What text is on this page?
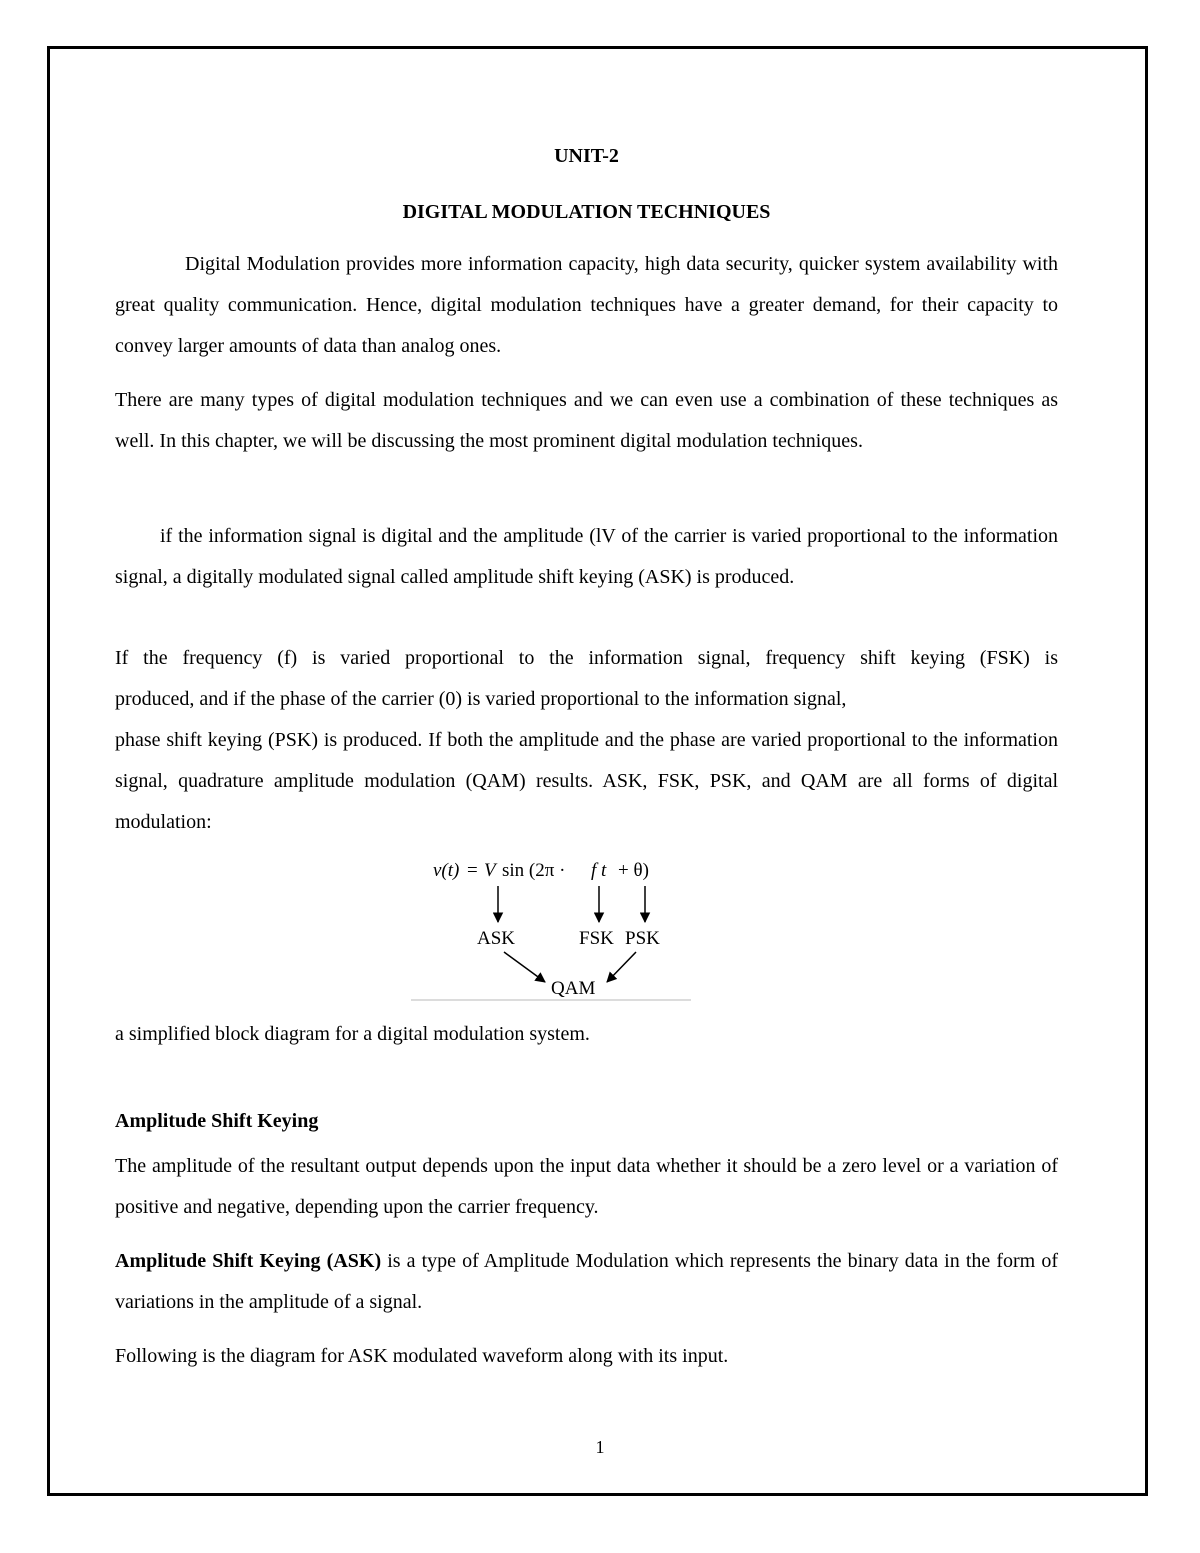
UNIT-2

DIGITAL MODULATION TECHNIQUES

Digital Modulation provides more information capacity, high data security, quicker system availability with great quality communication. Hence, digital modulation techniques have a greater demand, for their capacity to convey larger amounts of data than analog ones.

There are many types of digital modulation techniques and we can even use a combination of these techniques as well. In this chapter, we will be discussing the most prominent digital modulation techniques.

if the information signal is digital and the amplitude (lV of the carrier is varied proportional to the information signal, a digitally modulated signal called amplitude shift keying (ASK) is produced.

If the frequency (f) is varied proportional to the information signal, frequency shift keying (FSK) is

produced, and if the phase of the carrier (0) is varied proportional to the information signal,

phase shift keying (PSK) is produced. If both the amplitude and the phase are varied proportional to the information signal, quadrature amplitude modulation (QAM) results. ASK, FSK, PSK, and QAM are all forms of digital modulation:

a simplified block diagram for a digital modulation system.

Amplitude Shift Keying

The amplitude of the resultant output depends upon the input data whether it should be a zero level or a variation of positive and negative, depending upon the carrier frequency.

Amplitude Shift Keying (ASK) is a type of Amplitude Modulation which represents the binary data in the form of variations in the amplitude of a signal.

Following is the diagram for ASK modulated waveform along with its input.

v(t) = V sin (2π · f t + θ)
ASK	FSK PSK
QAM
1
